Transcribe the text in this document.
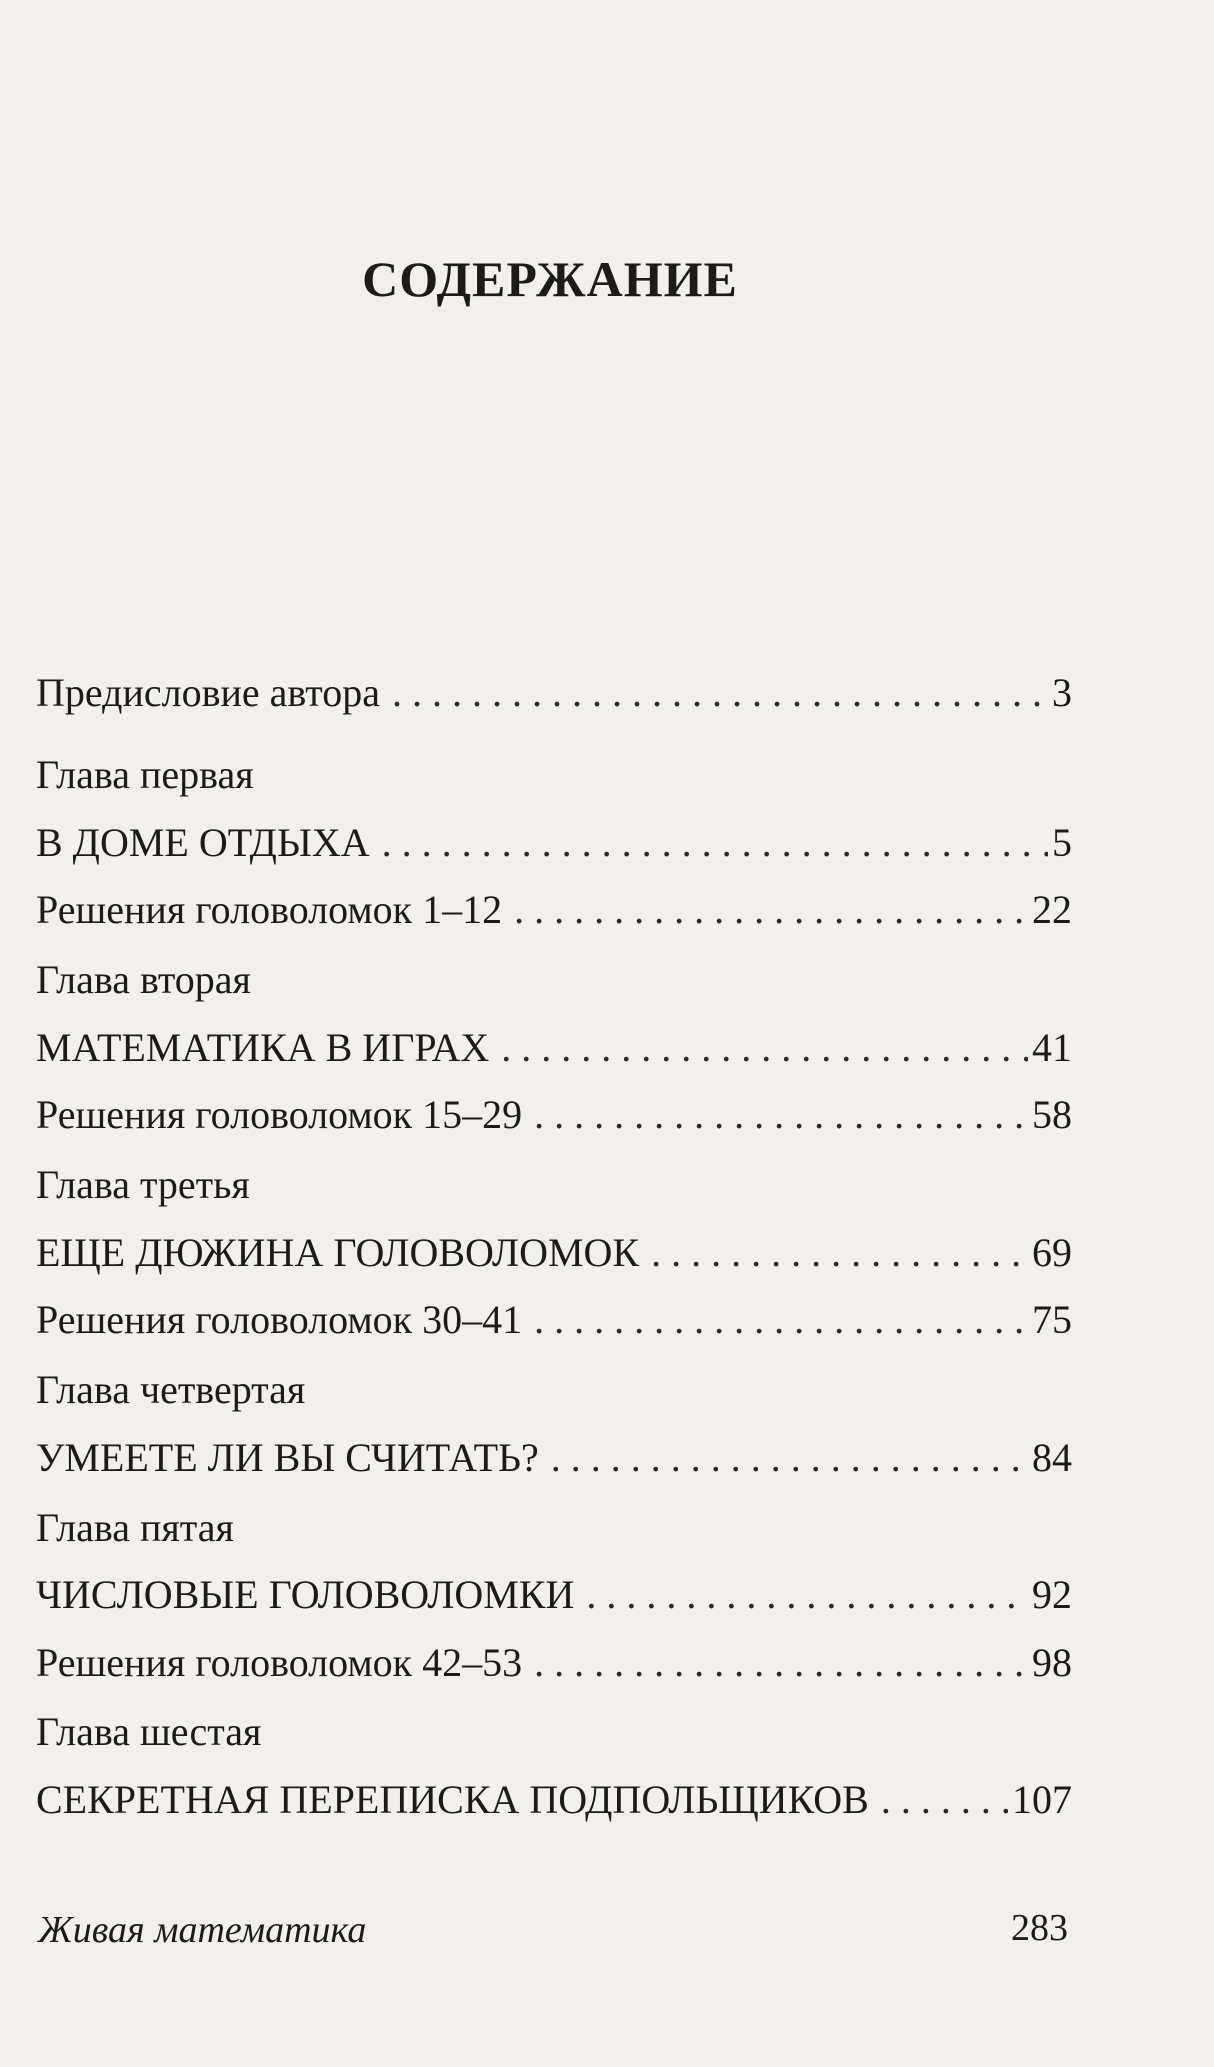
СОДЕРЖАНИЕ
Предисловие автора . . .	3
Глава первая
В ДОМЕ ОТДЫХА . . .	5
Решения головоломок 1–12 . . .	22
Глава вторая
МАТЕМАТИКА В ИГРАХ . . .	41
Решения головоломок 15–29 . . .	58
Глава третья
ЕЩЕ ДЮЖИНА ГОЛОВОЛОМОК . . .	69
Решения головоломок 30–41 . . .	75
Глава четвертая
УМЕЕТЕ ЛИ ВЫ СЧИТАТЬ? . . .	84
Глава пятая
ЧИСЛОВЫЕ ГОЛОВОЛОМКИ . . .	92
Решения головоломок 42–53 . . .	98
Глава шестая
СЕКРЕТНАЯ ПЕРЕПИСКА ПОДПОЛЬЩИКОВ . . .	107
Живая математика	283
